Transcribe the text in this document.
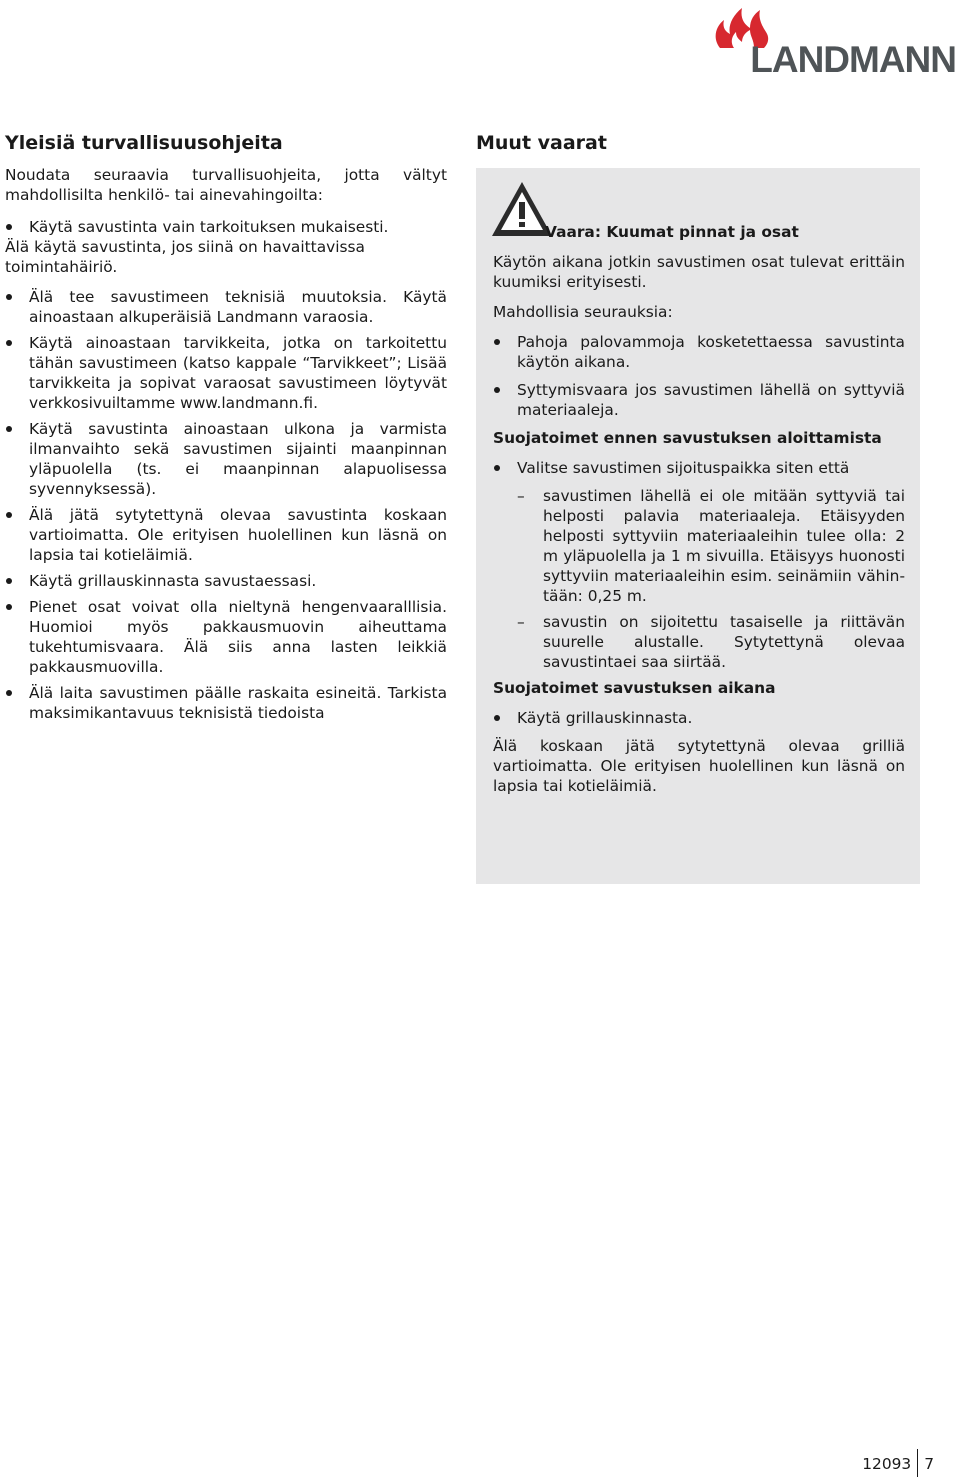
LANDMANN
Yleisiä turvallisuusohjeita

Noudata seuraavia turvallisuohjeita, jotta vältyt mahdollisilta henkilö- tai ainevahingoilta:

Käytä savustinta vain tarkoituksen mukaisesti.

Älä käytä savustinta, jos siinä on havaittavissa toimintahäiriö.

Älä tee savustimeen teknisiä muutoksia. Käytä ainoastaan alkuperäisiä Landmann varaosia.
Käytä ainoastaan tarvikkeita, jotka on tarkoitettu tähän savustimeen (katso kappale “Tarvikkeet”; Lisää tarvikkeita ja sopivat varaosat savustimeen löytyvät verkkosivuiltamme www.landmann.fi.
Käytä savustinta ainoastaan ulkona ja varmista ilmanvaihto sekä savustimen sijainti maanpinnan yläpuolella (ts. ei maanpinnan alapuolisessa syvennyksessä).
Älä jätä sytytettynä olevaa savustinta koskaan vartioimatta. Ole erityisen huolellinen kun läsnä on lapsia tai kotieläimiä.
Käytä grillauskinnasta savustaessasi.
Pienet osat voivat olla nieltynä hengenvaaralllisia. Huomioi myös pakkausmuovin aiheuttama tukehtumisvaara. Älä siis anna lasten leikkiä pakkausmuovilla.
Älä laita savustimen päälle raskaita esineitä. Tarkista maksimikantavuus teknisistä tiedoista
Muut vaarat
Vaara: Kuumat pinnat ja osat

Käytön aikana jotkin savustimen osat tulevat erittäin kuumiksi erityisesti.

Mahdollisia seurauksia:
Pahoja palovammoja kosketettaessa savustinta käytön aikana.
Syttymisvaara jos savustimen lähellä on syttyviä materiaaleja.
Suojatoimet ennen savustuksen aloittamista
Valitse savustimen sijoituspaikka siten että
– savustimen lähellä ei ole mitään syttyviä tai helposti palavia materiaaleja. Etäisyyden helposti syttyviin materiaaleihin tulee olla: 2 m yläpuolella ja 1 m sivuilla. Etäisyys huonosti syttyviin materiaaleihin esim. seinämiin vähin-tään: 0,25 m.
– savustin on sijoitettu tasaiselle ja riittävän suurelle alustalle. Sytytettynä olevaa savustintaei saa siirtää.
Suojatoimet savustuksen aikana
Käytä grillauskinnasta.

Älä koskaan jätä sytytettynä olevaa grilliä vartioimatta. Ole erityisen huolellinen kun läsnä on lapsia tai kotieläimiä.

12093 7
